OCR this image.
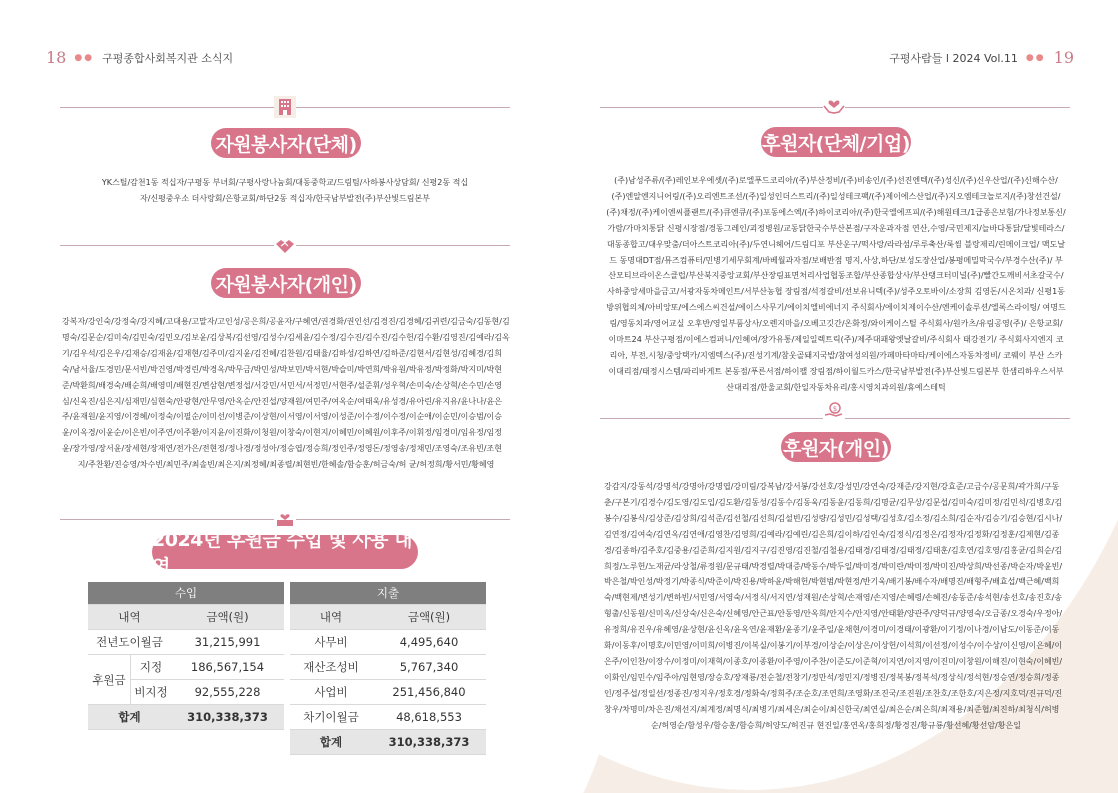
18 ●● 구평종합사회복지관 소식지	구평사람들 l 2024 Vol.11 ●● 19
자원봉사자(단체)
YK스틸/감천1동 적십자/구평동 부녀회/구평사랑나눔회/대동중학교/드림팀/사하봉사상담회/ 신평2동 적십자/신평중우소 더사랑회/은항교회/하단2동 적십자/한국남부발전(주)부산빛드림본부
자원봉사자(개인)
강복자/강인숙/강정숙/강지혜/고대용/고말자/고인성/공은희/공윤자/구혜연/권경화/권인선/김경진/김경혜/김귀련/김금숙/김동현/김명숙/김문순/김미숙/김민숙/김민오/김보윤/김상복/김선영/김성수/김세윤/김수정/김수진/김수진/김수헌/김수환/김영진/김예라/김옥기/김우석/김은우/김재승/김재윤/김재현/김주미/김지윤/김진혜/김찬원/김태율/김하성/김하연/김하준/김현서/김현성/김혜경/김희숙/남서율/도경민/문서빈/박건영/박경린/박경옥/박무금/박민성/박보민/박서현/박슬미/박연희/박유원/박유정/박정화/박지미/박현준/박환희/배경숙/배순희/배영미/배현진/변삼현/변정섭/서강민/서민서/서정민/서현주/설준휘/성우혁/손미숙/손상혁/손수민/손영심/신욱진/심은지/심재민/심현숙/안광현/안무영/안옥순/안진섭/양재원/여민주/여옥순/여태욱/유성경/유아린/유지유/윤나나/윤은주/윤재원/윤지영/이경혜/이정숙/이필순/이미선/이병준/이상현/이서영/이서영/이성준/이수정/이수정/이순애/이순민/이승범/이승윤/이옥경/이윤순/이은빈/이주연/이주환/이지윤/이진화/이청원/이창숙/이현지/이혜민/이혜원/이후주/이휘정/임경미/임유정/임정윤/장가영/장서윤/장세현/장재연/전가은/전현정/정나경/정성아/정승엽/정승희/정인주/정영돈/정영송/정채민/조영숙/조유빈/조현지/주찬환/진승영/차수빈/최민주/최솔빈/최은지/최정혜/최종렬/최현빈/한혜솔/함승훈/허금숙/허 균/허정희/황서민/황혜영
2024년 후원금 수입 및 사용 내역
수입		
내역		금액(원)
전년도이월금		31,215,991
후원금	지정	186,567,154
	비지정	92,555,228
합계		310,338,373
지출	
내역	금액(원)
사무비	4,495,640
재산조성비	5,767,340
사업비	251,456,840
차기이월금	48,618,553
합계	310,338,373
후원자(단체/기업)
(주)남성주류/(주)레인보우에셋/(주)로엘푸드코리아/(주)부산정비/(주)비송인/(주)선진엔텍/(주)성신/(주)신우산업/(주)신해수산/ (주)엔알엔지니어링/(주)오리엔트조선/(주)일성인더스트리/(주)일성테크팩/(주)제이에스산업/(주)지오엠테크놀로지/(주)창선건설/ (주)채정/(주)케이엔씨플랜트/(주)큐엔큐/(주)포동에스엑/(주)하이코리아/(주)한국엘에프피/(주)해원테크/1급종은보험/가나정보통신/ 가람/가마치통닭 신평시장점/경동그레인/괴정병원/교동닭한국수부산본점/구자운과자점 연산,수영/국민제지/늘바다통닭/달빛테라스/ 대동종합고/대우맞춤/더아스트코리아(주)/두연니헤어/드림디포 부산운구/떡사랑/라라섬/루루축산/룩씸 블랑제리/린메이크업/ 맥도날드 동명대DT점/뮤즈컴퓨터/민병기세무회계/바베월과자점/보배반점 명지,사상,하단/보성도장산업/봉평메밀막국수/부경수산(주)/ 부산모티브라이온스클럽/부산북지중앙교회/부산장림표면처리사업협동조합/부산종합상사/부산탱크터미널(주)/빨간도깨비서초갈국수/ 사하중앙세마을금고/서광자동차메인트/서부산농협 장림점/석정갈비/선보유니텍(주)/성주오토바이/소장희 김영돈/시온치과/ 신평1동 방위협의체/아비앙또/에스에스씨건설/에이스사무기/에이치엘비에너지 주식회사/에이치제이수산/엔케이솔루션/엘록스라이팅/ 여명드림/영동치과/영어교실 오후반/영일부품상사/오렌지마을/오베고깃간/온화정/와이케이스틸 주식회사/원카츠/유림공영(주)/ 은항교회/이마트24 부산구평점/이에스컴퍼니/인혜여/장가유통/제일일렉트릭(주)/제주대패왕엣날갈비/주식회사 태강전기/ 주식회사지엔지 코리아, 부전,시청/중앙택카/지엠텍스(주)/진성기계/참웃골돼지국밥/참여성의원/카페마타마타/케이에스자동차정비/ 코웨이 부산 스카이대리점/태정시스템/파리바게트 본동점/푸른서점/하이팰 장림점/하이월드카스/한국남부발전(주)부산빛드림본부 한샘리하우스서부산대리점/한울교회/한일자동차유리/홍시영치과의원/휴예스테틱
$
후원자(개인)
강감지/강동석/강명석/강명아/강명엽/강미림/강복남/강서봉/강선호/강성민/강연숙/강재준/강지현/강효준/고금수/공문희/곽가희/구동춘/구본기/김경수/김도영/김도입/김도환/김동성/김동수/김동욱/김동윤/김동희/김명균/김무상/김문섭/김미숙/김미정/김민석/김병호/김봉수/김봉식/김상준/김상희/김석준/김선철/김선희/김설빈/김성량/김성민/김성택/김성호/김소정/김소희/김순자/김승기/김승현/김시나/김연정/김여숙/김연옥/김연애/김영찬/김영희/김예라/김예린/김은희/김이하/김인숙/김정식/김정은/김정자/김정화/김정훈/김제현/김종경/김종하/김주호/김중용/김준희/김지원/김지구/김진영/김진철/김철용/김태경/김태경/김태정/김태훈/김호연/김호영/김홍균/김희순/김희정/노루헌/노재균/라상철/류정원/문규태/박경렬/박대증/박동수/박두일/박미경/박미란/박미정/박미진/박상희/박선종/박순자/박윤빈/박은철/박인성/박정기/박종식/박준이/박진용/박하윤/박해헌/박현범/박현정/반기욱/배기봉/배수자/배명진/배형주/배효섭/백근혜/백희숙/백현제/변성기/변하빈/서민영/서영숙/서정식/서지연/성재원/손상혁/손재영/손지영/손혜령/손혜진/송동준/송석현/송선호/송진호/송형출/신동원/신미옥/신상숙/신은숙/신혜영/안근표/안동영/안옥희/안지수/안지영/안태환/양관주/양덕규/양영숙/오금종/오경숙/우정아/유정희/유진우/유혜영/윤상현/윤신옥/윤옥연/윤재환/윤종기/윤주일/윤채현/이경미/이경태/이광환/이기정/이나경/이남도/이동준/이동화/이동후/이명호/이민영/이미희/이병진/이복실/이봉기/이부경/이상순/이상은/이상헌/이석희/이선정/이성수/이수상/이신영/이은혜/이은주/이인찬/이장수/이정미/이재혁/이종호/이종환/이주영/이주찬/이준도/이준혁/이지연/이지영/이진미/이창원/이해진/이현숙/이혜빈/이화인/임민수/임주아/임현영/장승호/장재룡/전순철/전창기/정만석/정민지/정병진/정복봉/정복석/정상식/정석현/정승연/정승희/정종인/정주섭/정일선/정종진/정지우/정호경/정화숙/정희주/조순호/조연희/조영화/조진국/조진원/조찬호/조한호/지은정/지호덕/진규덕/진창우/차명미/차은진/채선지/최계정/최명식/최병기/최세은/최순이/최신한국/최연실/최은순/최은희/최재용/최준협/최진하/최청식/허병순/허영순/함성우/함승훈/함승희/허양도/허진규 현진일/홍연옥/홍희정/황경진/황규룡/황선혜/황선암/황은일
